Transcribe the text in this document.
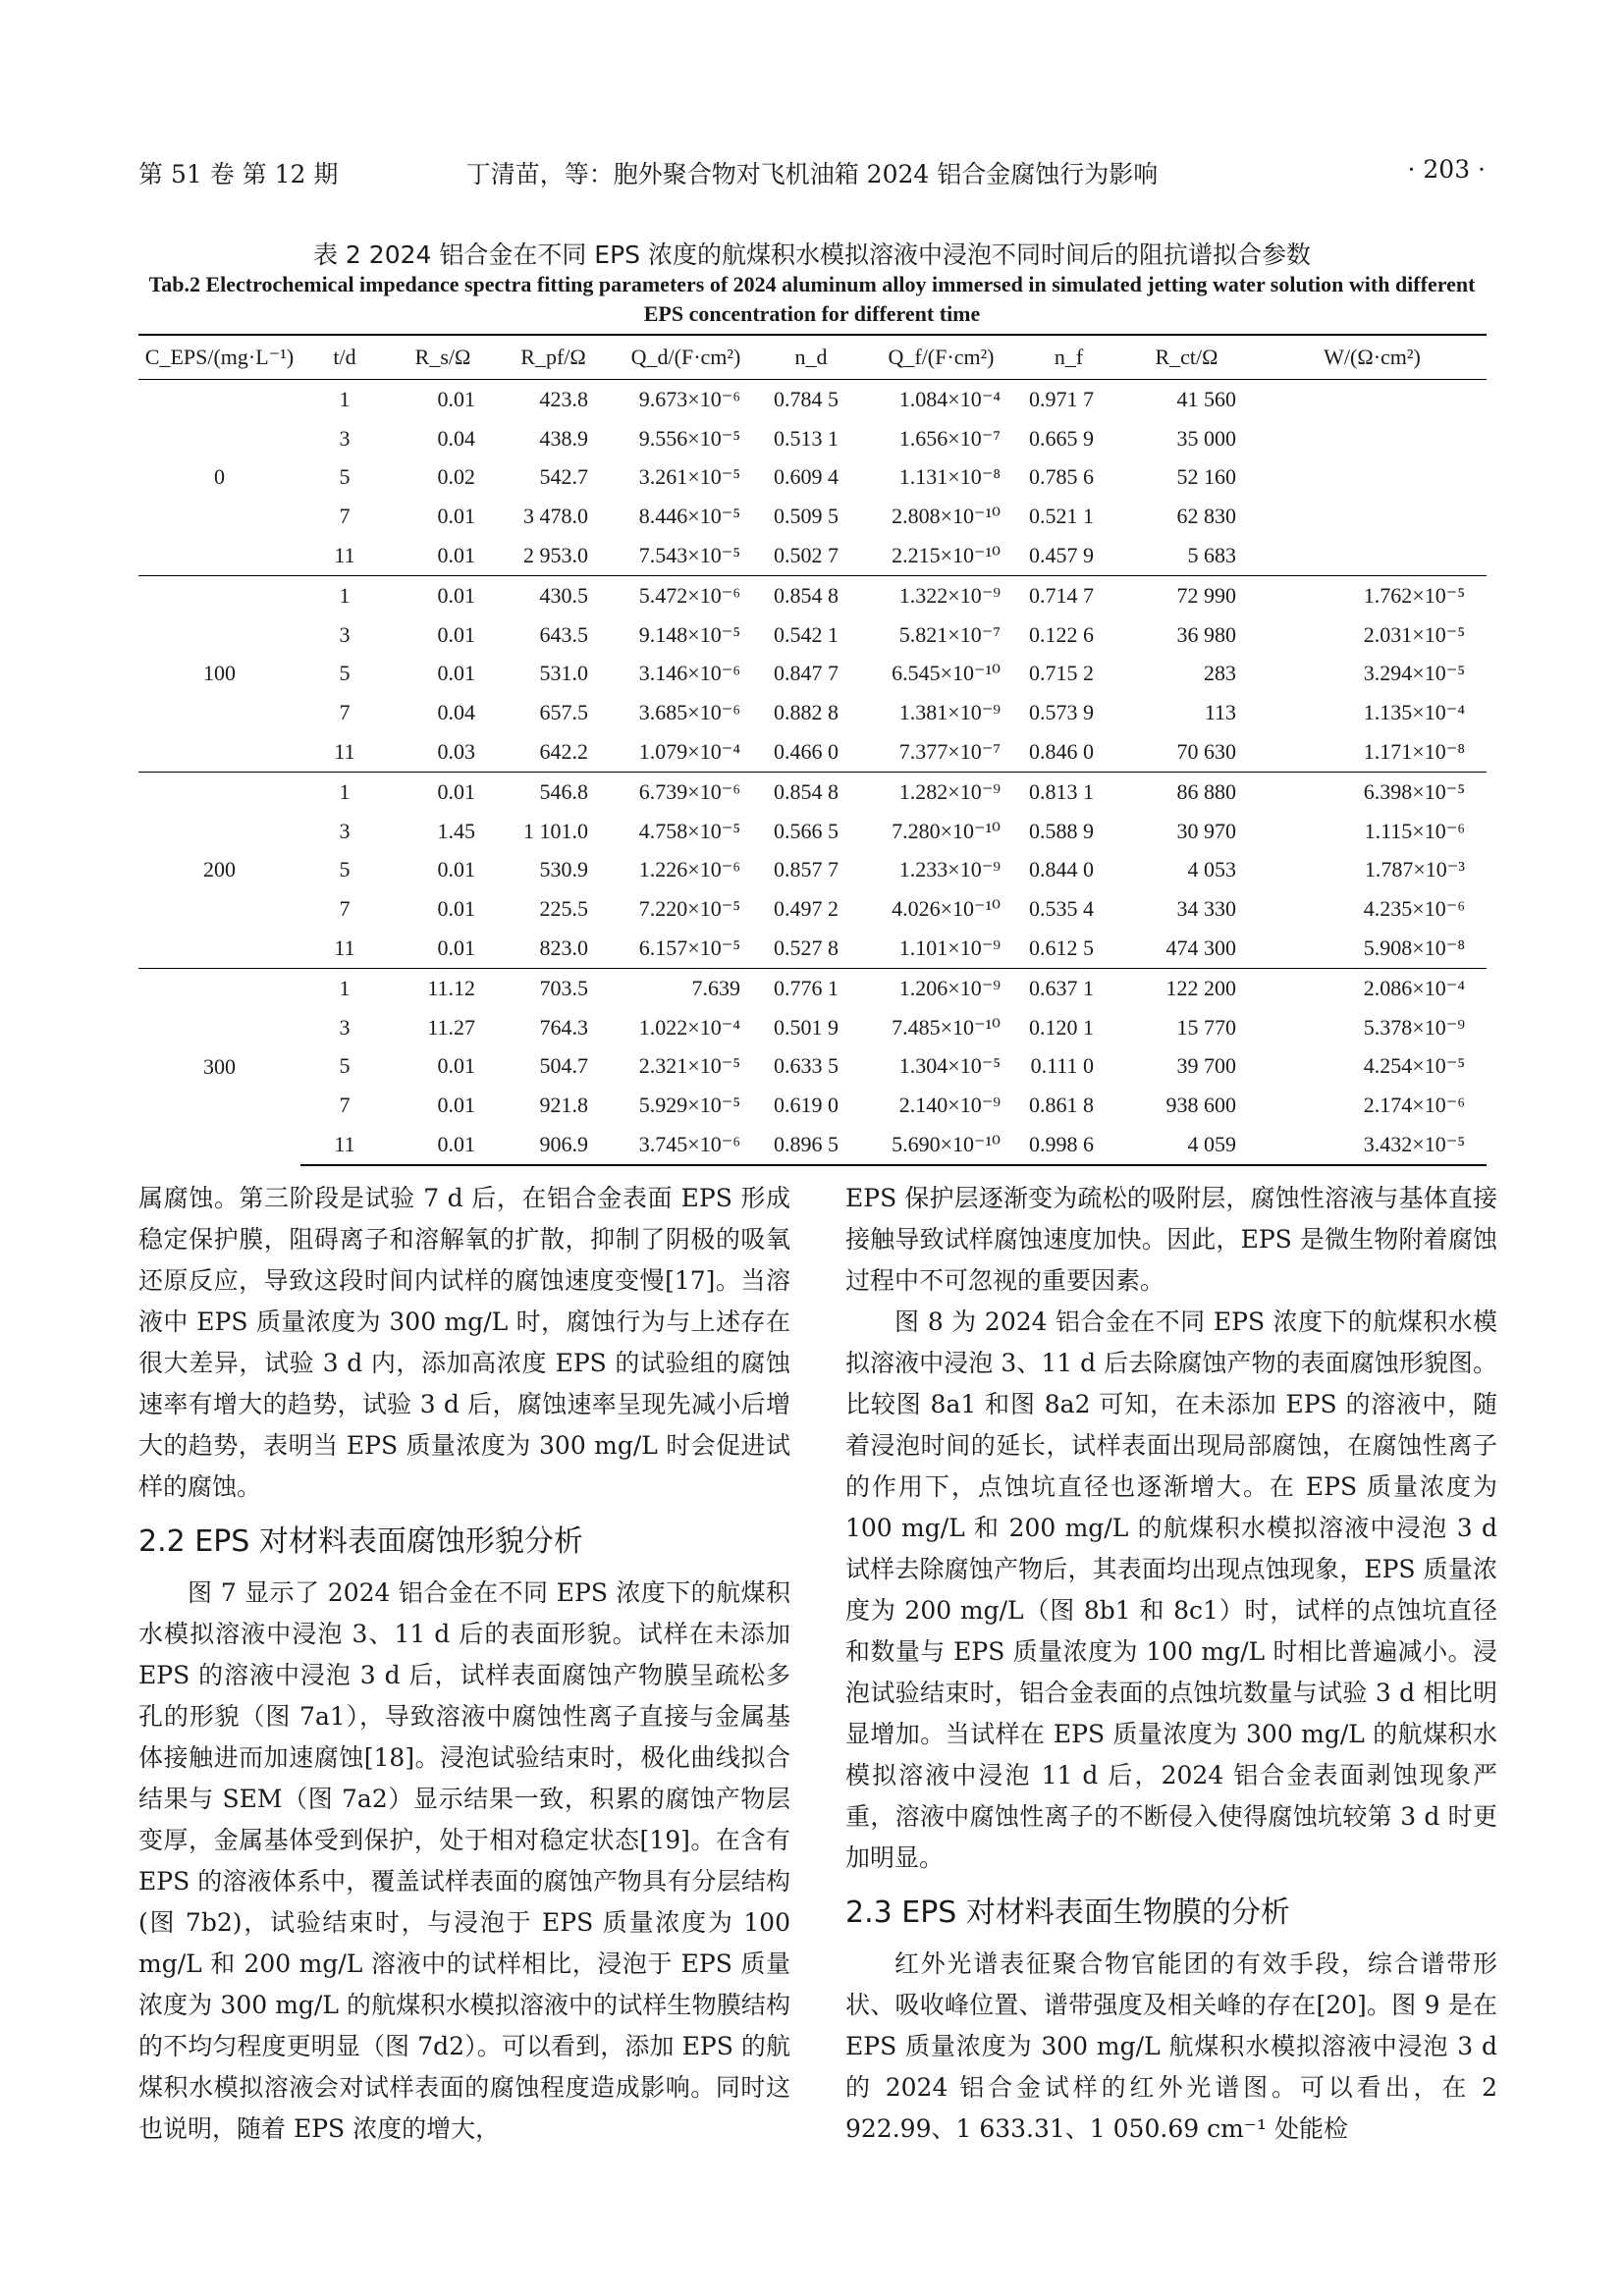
第 51 卷 第 12 期	丁清苗，等：胞外聚合物对飞机油箱 2024 铝合金腐蚀行为影响	· 203 ·
表 2 2024 铝合金在不同 EPS 浓度的航煤积水模拟溶液中浸泡不同时间后的阻抗谱拟合参数
Tab.2 Electrochemical impedance spectra fitting parameters of 2024 aluminum alloy immersed in simulated jetting water solution with different EPS concentration for different time
C_EPS/(mg·L⁻¹)	t/d	R_s/Ω	R_pf/Ω	Q_d/(F·cm²)	n_d	Q_f/(F·cm²)	n_f	R_ct/Ω	W/(Ω·cm²)
0	1	0.01	423.8	9.673×10⁻⁶	0.784 5	1.084×10⁻⁴	0.971 7	41 560	
	3	0.04	438.9	9.556×10⁻⁵	0.513 1	1.656×10⁻⁷	0.665 9	35 000	
	5	0.02	542.7	3.261×10⁻⁵	0.609 4	1.131×10⁻⁸	0.785 6	52 160	
	7	0.01	3 478.0	8.446×10⁻⁵	0.509 5	2.808×10⁻¹⁰	0.521 1	62 830	
	11	0.01	2 953.0	7.543×10⁻⁵	0.502 7	2.215×10⁻¹⁰	0.457 9	5 683	
100	1	0.01	430.5	5.472×10⁻⁶	0.854 8	1.322×10⁻⁹	0.714 7	72 990	1.762×10⁻⁵
	3	0.01	643.5	9.148×10⁻⁵	0.542 1	5.821×10⁻⁷	0.122 6	36 980	2.031×10⁻⁵
	5	0.01	531.0	3.146×10⁻⁶	0.847 7	6.545×10⁻¹⁰	0.715 2	283	3.294×10⁻⁵
	7	0.04	657.5	3.685×10⁻⁶	0.882 8	1.381×10⁻⁹	0.573 9	113	1.135×10⁻⁴
	11	0.03	642.2	1.079×10⁻⁴	0.466 0	7.377×10⁻⁷	0.846 0	70 630	1.171×10⁻⁸
200	1	0.01	546.8	6.739×10⁻⁶	0.854 8	1.282×10⁻⁹	0.813 1	86 880	6.398×10⁻⁵
	3	1.45	1 101.0	4.758×10⁻⁵	0.566 5	7.280×10⁻¹⁰	0.588 9	30 970	1.115×10⁻⁶
	5	0.01	530.9	1.226×10⁻⁶	0.857 7	1.233×10⁻⁹	0.844 0	4 053	1.787×10⁻³
	7	0.01	225.5	7.220×10⁻⁵	0.497 2	4.026×10⁻¹⁰	0.535 4	34 330	4.235×10⁻⁶
	11	0.01	823.0	6.157×10⁻⁵	0.527 8	1.101×10⁻⁹	0.612 5	474 300	5.908×10⁻⁸
300	1	11.12	703.5	7.639	0.776 1	1.206×10⁻⁹	0.637 1	122 200	2.086×10⁻⁴
	3	11.27	764.3	1.022×10⁻⁴	0.501 9	7.485×10⁻¹⁰	0.120 1	15 770	5.378×10⁻⁹
	5	0.01	504.7	2.321×10⁻⁵	0.633 5	1.304×10⁻⁵	0.111 0	39 700	4.254×10⁻⁵
	7	0.01	921.8	5.929×10⁻⁵	0.619 0	2.140×10⁻⁹	0.861 8	938 600	2.174×10⁻⁶
	11	0.01	906.9	3.745×10⁻⁶	0.896 5	5.690×10⁻¹⁰	0.998 6	4 059	3.432×10⁻⁵

属腐蚀。第三阶段是试验 7 d 后，在铝合金表面 EPS 形成稳定保护膜，阻碍离子和溶解氧的扩散，抑制了阴极的吸氧还原反应，导致这段时间内试样的腐蚀速度变慢[17]。当溶液中 EPS 质量浓度为 300 mg/L 时，腐蚀行为与上述存在很大差异，试验 3 d 内，添加高浓度 EPS 的试验组的腐蚀速率有增大的趋势，试验 3 d 后，腐蚀速率呈现先减小后增大的趋势，表明当 EPS 质量浓度为 300 mg/L 时会促进试样的腐蚀。

2.2 EPS 对材料表面腐蚀形貌分析

图 7 显示了 2024 铝合金在不同 EPS 浓度下的航煤积水模拟溶液中浸泡 3、11 d 后的表面形貌。试样在未添加 EPS 的溶液中浸泡 3 d 后，试样表面腐蚀产物膜呈疏松多孔的形貌（图 7a1），导致溶液中腐蚀性离子直接与金属基体接触进而加速腐蚀[18]。浸泡试验结束时，极化曲线拟合结果与 SEM（图 7a2）显示结果一致，积累的腐蚀产物层变厚，金属基体受到保护，处于相对稳定状态[19]。在含有 EPS 的溶液体系中，覆盖试样表面的腐蚀产物具有分层结构(图 7b2)，试验结束时，与浸泡于 EPS 质量浓度为 100 mg/L 和 200 mg/L 溶液中的试样相比，浸泡于 EPS 质量浓度为 300 mg/L 的航煤积水模拟溶液中的试样生物膜结构的不均匀程度更明显（图 7d2）。可以看到，添加 EPS 的航煤积水模拟溶液会对试样表面的腐蚀程度造成影响。同时这也说明，随着 EPS 浓度的增大，

EPS 保护层逐渐变为疏松的吸附层，腐蚀性溶液与基体直接接触导致试样腐蚀速度加快。因此，EPS 是微生物附着腐蚀过程中不可忽视的重要因素。

图 8 为 2024 铝合金在不同 EPS 浓度下的航煤积水模拟溶液中浸泡 3、11 d 后去除腐蚀产物的表面腐蚀形貌图。比较图 8a1 和图 8a2 可知，在未添加 EPS 的溶液中，随着浸泡时间的延长，试样表面出现局部腐蚀，在腐蚀性离子的作用下，点蚀坑直径也逐渐增大。在 EPS 质量浓度为 100 mg/L 和 200 mg/L 的航煤积水模拟溶液中浸泡 3 d 试样去除腐蚀产物后，其表面均出现点蚀现象，EPS 质量浓度为 200 mg/L（图 8b1 和 8c1）时，试样的点蚀坑直径和数量与 EPS 质量浓度为 100 mg/L 时相比普遍减小。浸泡试验结束时，铝合金表面的点蚀坑数量与试验 3 d 相比明显增加。当试样在 EPS 质量浓度为 300 mg/L 的航煤积水模拟溶液中浸泡 11 d 后，2024 铝合金表面剥蚀现象严重，溶液中腐蚀性离子的不断侵入使得腐蚀坑较第 3 d 时更加明显。

2.3 EPS 对材料表面生物膜的分析

红外光谱表征聚合物官能团的有效手段，综合谱带形状、吸收峰位置、谱带强度及相关峰的存在[20]。图 9 是在 EPS 质量浓度为 300 mg/L 航煤积水模拟溶液中浸泡 3 d 的 2024 铝合金试样的红外光谱图。可以看出，在 2 922.99、1 633.31、1 050.69 cm⁻¹ 处能检
